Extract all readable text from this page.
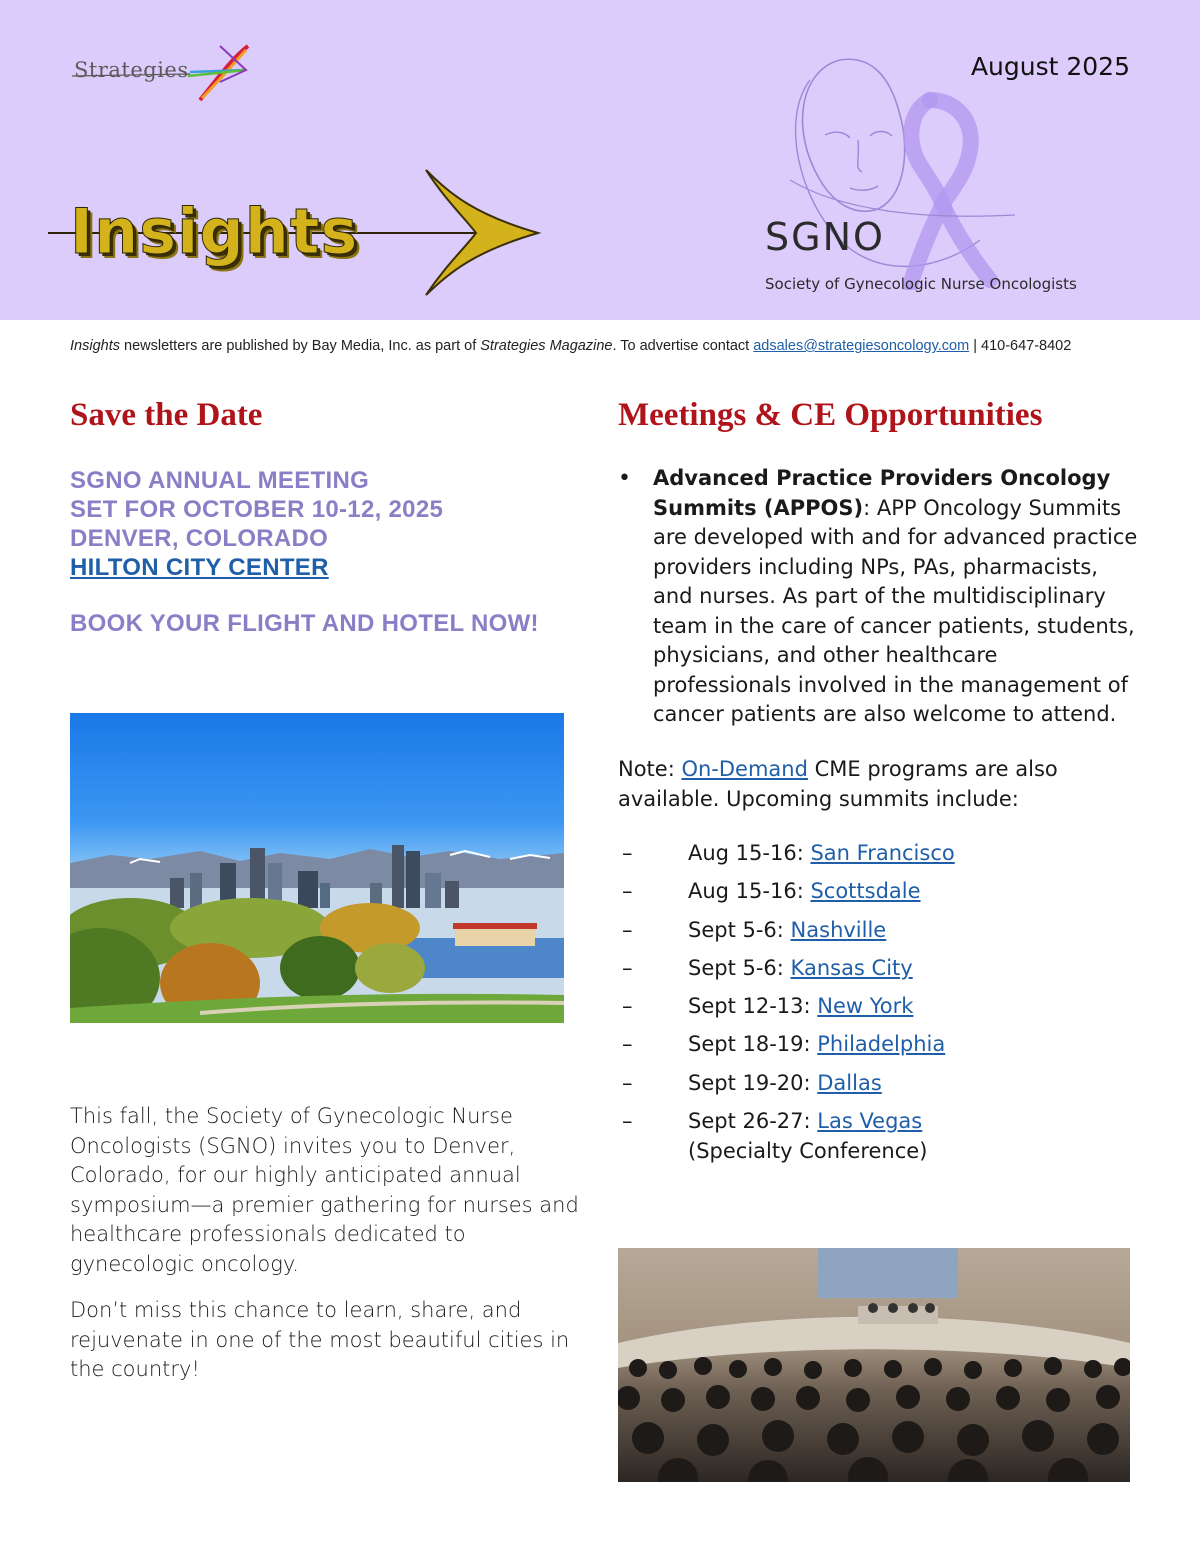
Strategies	August 2025
Insights	SGNO
Society of Gynecologic Nurse Oncologists
Insights newsletters are published by Bay Media, Inc. as part of Strategies Magazine. To advertise contact adsales@strategiesoncology.com | 410-647-8402
Save the Date
SGNO ANNUAL MEETING
SET FOR OCTOBER 10-12, 2025
DENVER, COLORADO
HILTON CITY CENTER
BOOK YOUR FLIGHT AND HOTEL NOW!

This fall, the Society of Gynecologic Nurse Oncologists (SGNO) invites you to Denver, Colorado, for our highly anticipated annual symposium—a premier gathering for nurses and healthcare professionals dedicated to gynecologic oncology.

Don’t miss this chance to learn, share, and rejuvenate in one of the most beautiful cities in the country!

Meetings & CE Opportunities
• Advanced Practice Providers Oncology Summits (APPOS): APP Oncology Summits are developed with and for advanced practice providers including NPs, PAs, pharmacists, and nurses. As part of the multidisciplinary team in the care of cancer patients, students, physicians, and other healthcare professionals involved in the management of cancer patients are also welcome to attend.
Note: On-Demand CME programs are also available. Upcoming summits include:
–	Aug 15-16: San Francisco
–	Aug 15-16: Scottsdale
–	Sept 5-6: Nashville
–	Sept 5-6: Kansas City
–	Sept 12-13: New York
–	Sept 18-19: Philadelphia
–	Sept 19-20: Dallas
–	Sept 26-27: Las Vegas
(Specialty Conference)
